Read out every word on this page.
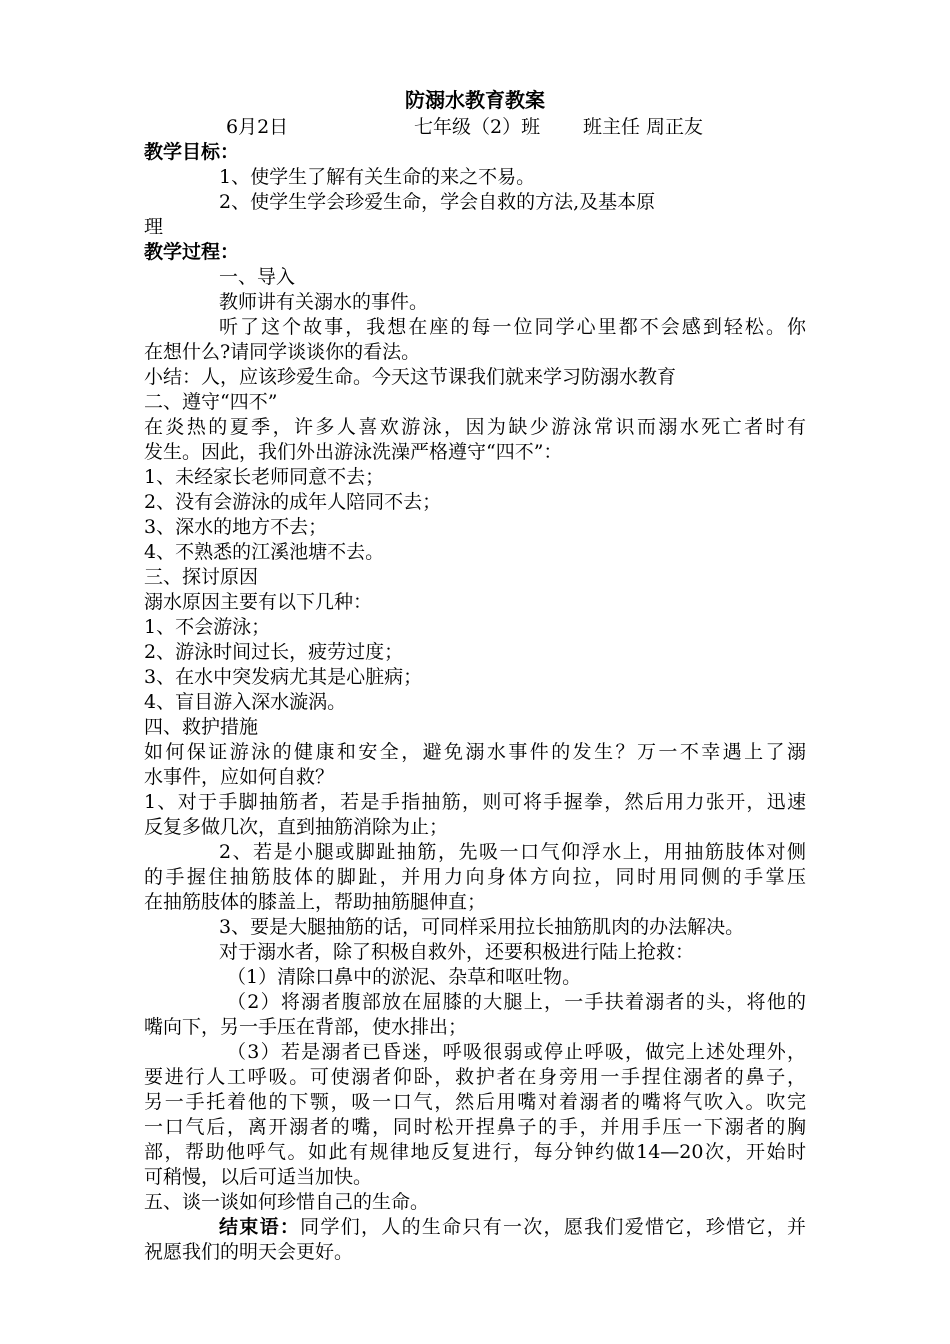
防溺水教育教案
6月2日	七年级（2）班 班主任 周正友
教学目标：
1、使学生了解有关生命的来之不易。
2、使学生学会珍爱生命，学会自救的方法,及基本原
理
教学过程：
一、导入
教师讲有关溺水的事件。
听了这个故事，我想在座的每一位同学心里都不会感到轻松。你
在想什么?请同学谈谈你的看法。
小结：人，应该珍爱生命。今天这节课我们就来学习防溺水教育
二、遵守“四不”
在炎热的夏季，许多人喜欢游泳，因为缺少游泳常识而溺水死亡者时有
发生。因此，我们外出游泳洗澡严格遵守“四不”：
1、未经家长老师同意不去；
2、没有会游泳的成年人陪同不去；
3、深水的地方不去；
4、不熟悉的江溪池塘不去。
三、探讨原因
溺水原因主要有以下几种：
1、不会游泳；
2、游泳时间过长，疲劳过度；
3、在水中突发病尤其是心脏病；
4、盲目游入深水漩涡。
四、救护措施
如何保证游泳的健康和安全，避免溺水事件的发生？万一不幸遇上了溺
水事件，应如何自救？
1、对于手脚抽筋者，若是手指抽筋，则可将手握拳，然后用力张开，迅速
反复多做几次，直到抽筋消除为止；
2、若是小腿或脚趾抽筋，先吸一口气仰浮水上，用抽筋肢体对侧
的手握住抽筋肢体的脚趾，并用力向身体方向拉，同时用同侧的手掌压
在抽筋肢体的膝盖上，帮助抽筋腿伸直；
3、要是大腿抽筋的话，可同样采用拉长抽筋肌肉的办法解决。
对于溺水者，除了积极自救外，还要积极进行陆上抢救：
（1）清除口鼻中的淤泥、杂草和呕吐物。
（2）将溺者腹部放在屈膝的大腿上，一手扶着溺者的头，将他的
嘴向下，另一手压在背部，使水排出；
（3）若是溺者已昏迷，呼吸很弱或停止呼吸，做完上述处理外，
要进行人工呼吸。可使溺者仰卧，救护者在身旁用一手捏住溺者的鼻子，
另一手托着他的下颚，吸一口气，然后用嘴对着溺者的嘴将气吹入。吹完
一口气后，离开溺者的嘴，同时松开捏鼻子的手，并用手压一下溺者的胸
部，帮助他呼气。如此有规律地反复进行，每分钟约做14—20次，开始时
可稍慢，以后可适当加快。
五、谈一谈如何珍惜自己的生命。
结束语：同学们，人的生命只有一次，愿我们爱惜它，珍惜它，并
祝愿我们的明天会更好。
